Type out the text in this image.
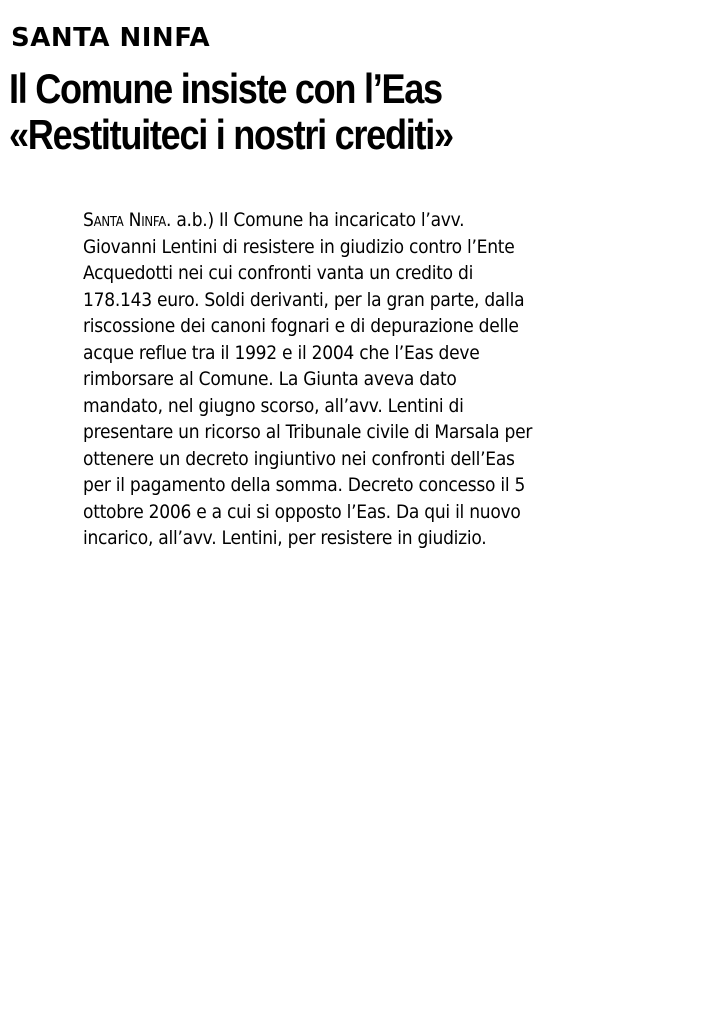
SANTA NINFA
Il Comune insiste con l’Eas
«Restituiteci i nostri crediti»
Santa Ninfa. a.b.) Il Comune ha incaricato l’avv.
Giovanni Lentini di resistere in giudizio contro l’Ente
Acquedotti nei cui confronti vanta un credito di
178.143 euro. Soldi derivanti, per la gran parte, dalla
riscossione dei canoni fognari e di depurazione delle
acque reflue tra il 1992 e il 2004 che l’Eas deve
rimborsare al Comune. La Giunta aveva dato
mandato, nel giugno scorso, all’avv. Lentini di
presentare un ricorso al Tribunale civile di Marsala per
ottenere un decreto ingiuntivo nei confronti dell’Eas
per il pagamento della somma. Decreto concesso il 5
ottobre 2006 e a cui si opposto l’Eas. Da qui il nuovo
incarico, all’avv. Lentini, per resistere in giudizio.
